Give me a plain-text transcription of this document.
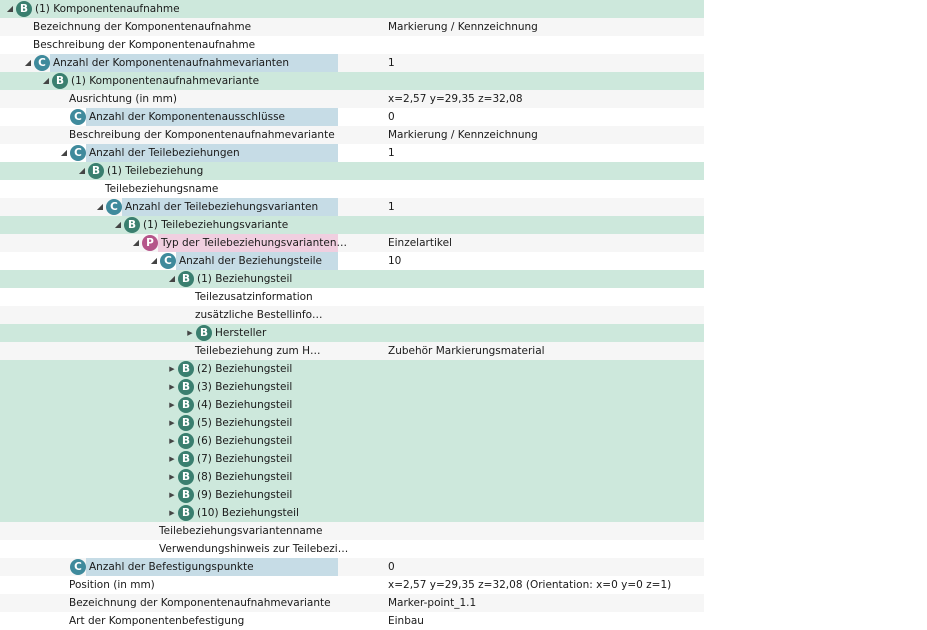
◢ B (1) Komponentenaufnahme
Bezeichnung der Komponentenaufnahme	Markierung / Kennzeichnung
Beschreibung der Komponentenaufnahme
◢ C Anzahl der Komponentenaufnahmevarianten	1
◢ B (1) Komponentenaufnahmevariante
Ausrichtung (in mm)	x=2,57 y=29,35 z=32,08
C Anzahl der Komponentenausschlüsse	0
Beschreibung der Komponentenaufnahmevariante	Markierung / Kennzeichnung
◢ C Anzahl der Teilebeziehungen	1
◢ B (1) Teilebeziehung
Teilebeziehungsname
◢ C Anzahl der Teilebeziehungsvarianten	1
◢ B (1) Teilebeziehungsvariante
◢ P Typ der Teilebeziehungsvarianten…	Einzelartikel
◢ C Anzahl der Beziehungsteile	10
◢ B (1) Beziehungsteil
Teilezusatzinformation
zusätzliche Bestellinfo…
▶ B Hersteller
Teilebeziehung zum H…	Zubehör Markierungsmaterial
▶ B (2) Beziehungsteil
▶ B (3) Beziehungsteil
▶ B (4) Beziehungsteil
▶ B (5) Beziehungsteil
▶ B (6) Beziehungsteil
▶ B (7) Beziehungsteil
▶ B (8) Beziehungsteil
▶ B (9) Beziehungsteil
▶ B (10) Beziehungsteil
Teilebeziehungsvariantenname
Verwendungshinweis zur Teilebezi…
C Anzahl der Befestigungspunkte	0
Position (in mm)	x=2,57 y=29,35 z=32,08 (Orientation: x=0 y=0 z=1)
Bezeichnung der Komponentenaufnahmevariante	Marker-point_1.1
Art der Komponentenbefestigung	Einbau
